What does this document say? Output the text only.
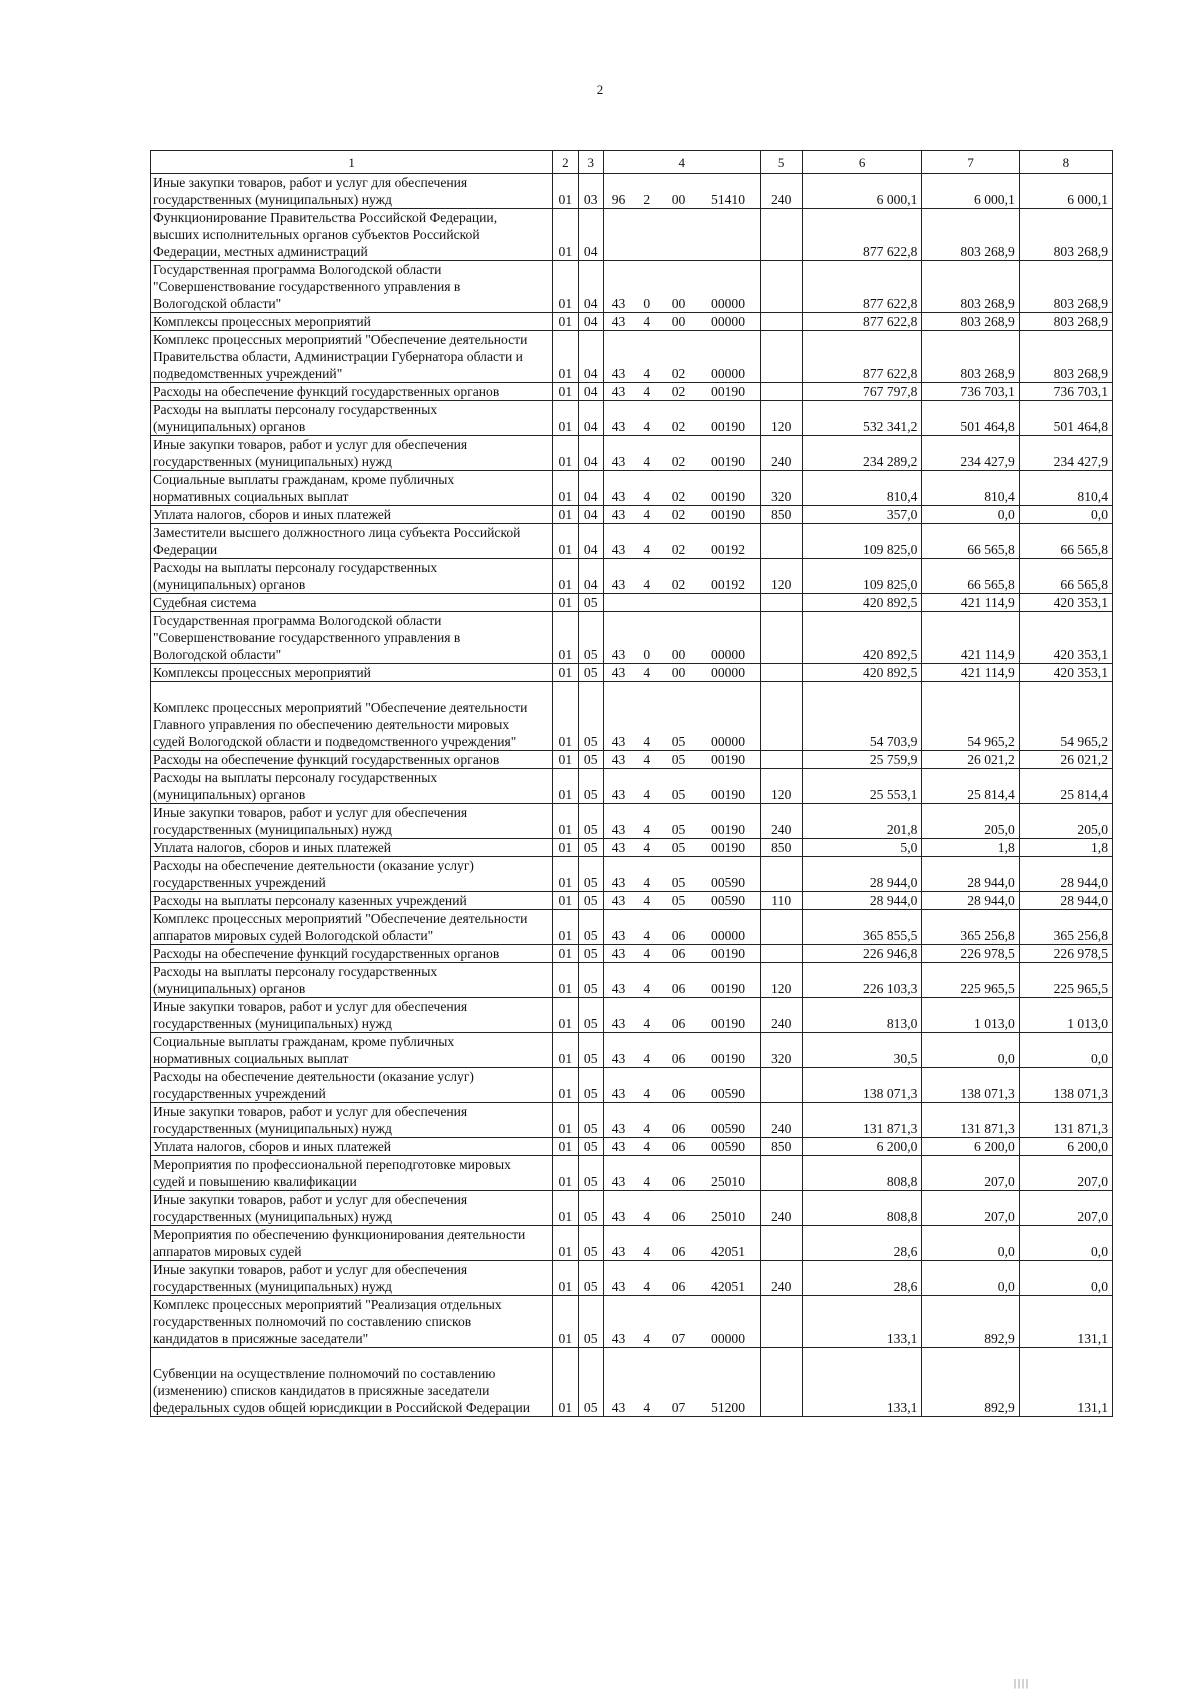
2
1	2	3	4				5	6	7	8
Иные закупки товаров, работ и услуг для обеспечения
государственных (муниципальных) нужд	01	03	96	2	00	51410	240	6 000,1	6 000,1	6 000,1
Функционирование Правительства Российской Федерации,
высших исполнительных органов субъектов Российской
Федерации, местных администраций	01	04						877 622,8	803 268,9	803 268,9
Государственная программа Вологодской области
"Совершенствование государственного управления в
Вологодской области"	01	04	43	0	00	00000		877 622,8	803 268,9	803 268,9
Комплексы процессных мероприятий	01	04	43	4	00	00000		877 622,8	803 268,9	803 268,9
Комплекс процессных мероприятий "Обеспечение деятельности
Правительства области, Администрации Губернатора области и
подведомственных учреждений"	01	04	43	4	02	00000		877 622,8	803 268,9	803 268,9
Расходы на обеспечение функций государственных органов	01	04	43	4	02	00190		767 797,8	736 703,1	736 703,1
Расходы на выплаты персоналу государственных
(муниципальных) органов	01	04	43	4	02	00190	120	532 341,2	501 464,8	501 464,8
Иные закупки товаров, работ и услуг для обеспечения
государственных (муниципальных) нужд	01	04	43	4	02	00190	240	234 289,2	234 427,9	234 427,9
Социальные выплаты гражданам, кроме публичных
нормативных социальных выплат	01	04	43	4	02	00190	320	810,4	810,4	810,4
Уплата налогов, сборов и иных платежей	01	04	43	4	02	00190	850	357,0	0,0	0,0
Заместители высшего должностного лица субъекта Российской
Федерации	01	04	43	4	02	00192		109 825,0	66 565,8	66 565,8
Расходы на выплаты персоналу государственных
(муниципальных) органов	01	04	43	4	02	00192	120	109 825,0	66 565,8	66 565,8
Судебная система	01	05						420 892,5	421 114,9	420 353,1
Государственная программа Вологодской области
"Совершенствование государственного управления в
Вологодской области"	01	05	43	0	00	00000		420 892,5	421 114,9	420 353,1
Комплексы процессных мероприятий	01	05	43	4	00	00000		420 892,5	421 114,9	420 353,1

Комплекс процессных мероприятий "Обеспечение деятельности
Главного управления по обеспечению деятельности мировых
судей Вологодской области и подведомственного учреждения"	01	05	43	4	05	00000		54 703,9	54 965,2	54 965,2
Расходы на обеспечение функций государственных органов	01	05	43	4	05	00190		25 759,9	26 021,2	26 021,2
Расходы на выплаты персоналу государственных
(муниципальных) органов	01	05	43	4	05	00190	120	25 553,1	25 814,4	25 814,4
Иные закупки товаров, работ и услуг для обеспечения
государственных (муниципальных) нужд	01	05	43	4	05	00190	240	201,8	205,0	205,0
Уплата налогов, сборов и иных платежей	01	05	43	4	05	00190	850	5,0	1,8	1,8
Расходы на обеспечение деятельности (оказание услуг)
государственных учреждений	01	05	43	4	05	00590		28 944,0	28 944,0	28 944,0
Расходы на выплаты персоналу казенных учреждений	01	05	43	4	05	00590	110	28 944,0	28 944,0	28 944,0
Комплекс процессных мероприятий "Обеспечение деятельности
аппаратов мировых судей Вологодской области"	01	05	43	4	06	00000		365 855,5	365 256,8	365 256,8
Расходы на обеспечение функций государственных органов	01	05	43	4	06	00190		226 946,8	226 978,5	226 978,5
Расходы на выплаты персоналу государственных
(муниципальных) органов	01	05	43	4	06	00190	120	226 103,3	225 965,5	225 965,5
Иные закупки товаров, работ и услуг для обеспечения
государственных (муниципальных) нужд	01	05	43	4	06	00190	240	813,0	1 013,0	1 013,0
Социальные выплаты гражданам, кроме публичных
нормативных социальных выплат	01	05	43	4	06	00190	320	30,5	0,0	0,0
Расходы на обеспечение деятельности (оказание услуг)
государственных учреждений	01	05	43	4	06	00590		138 071,3	138 071,3	138 071,3
Иные закупки товаров, работ и услуг для обеспечения
государственных (муниципальных) нужд	01	05	43	4	06	00590	240	131 871,3	131 871,3	131 871,3
Уплата налогов, сборов и иных платежей	01	05	43	4	06	00590	850	6 200,0	6 200,0	6 200,0
Мероприятия по профессиональной переподготовке мировых
судей и повышению квалификации	01	05	43	4	06	25010		808,8	207,0	207,0
Иные закупки товаров, работ и услуг для обеспечения
государственных (муниципальных) нужд	01	05	43	4	06	25010	240	808,8	207,0	207,0
Мероприятия по обеспечению функционирования деятельности
аппаратов мировых судей	01	05	43	4	06	42051		28,6	0,0	0,0
Иные закупки товаров, работ и услуг для обеспечения
государственных (муниципальных) нужд	01	05	43	4	06	42051	240	28,6	0,0	0,0
Комплекс процессных мероприятий "Реализация отдельных
государственных полномочий по составлению списков
кандидатов в присяжные заседатели"	01	05	43	4	07	00000		133,1	892,9	131,1

Субвенции на осуществление полномочий по составлению
(изменению) списков кандидатов в присяжные заседатели
федеральных судов общей юрисдикции в Российской Федерации	01	05	43	4	07	51200		133,1	892,9	131,1
||||
